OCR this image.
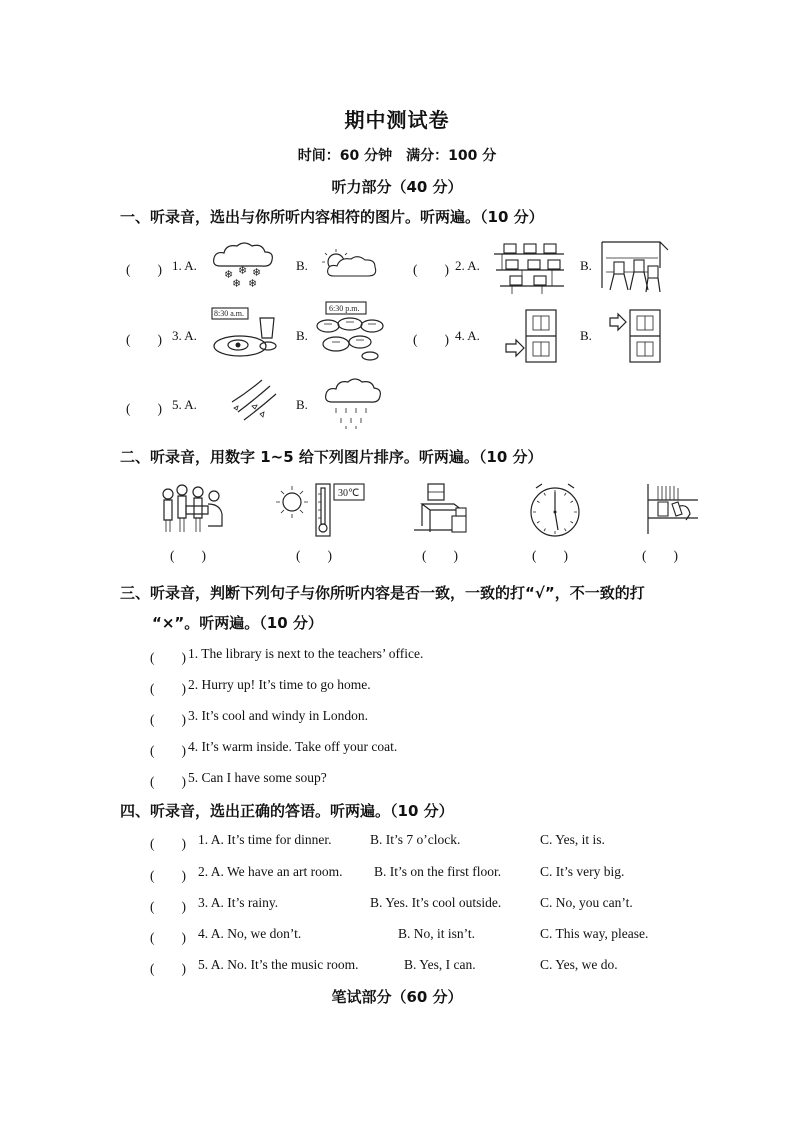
期中测试卷
时间：60 分钟　满分：100 分
听力部分（40 分）
一、听录音，选出与你所听内容相符的图片。听两遍。（10 分）
(　　) 1. A.
❄ ❄ ❄
❄ ❄
B.	(　　) 2. A.	B.
(　　) 3. A.
8:30 a.m.
B.
6:30 p.m.
(　　) 4. A.	B.
(　　) 5. A.	B.
二、听录音，用数字 1~5 给下列图片排序。听两遍。（10 分）
(　　)
30℃
(　　)	(　　)	(　　)	(　　)
三、听录音，判断下列句子与你所听内容是否一致，一致的打“√”，不一致的打
“×”。听两遍。（10 分）
(　　) 1. The library is next to the teachers’ office.
(　　) 2. Hurry up! It’s time to go home.
(　　) 3. It’s cool and windy in London.
(　　) 4. It’s warm inside. Take off your coat.
(　　) 5. Can I have some soup?
四、听录音，选出正确的答语。听两遍。（10 分）
(　　) 1. A. It’s time for dinner.	B. It’s 7 o’clock.	C. Yes, it is.
(　　) 2. A. We have an art room. B. It’s on the first floor.	C. It’s very big.
(　　) 3. A. It’s rainy.	B. Yes. It’s cool outside.	C. No, you can’t.
(　　) 4. A. No, we don’t.	B. No, it isn’t.	C. This way, please.
(　　) 5. A. No. It’s the music room.	B. Yes, I can.	C. Yes, we do.
笔试部分（60 分）
